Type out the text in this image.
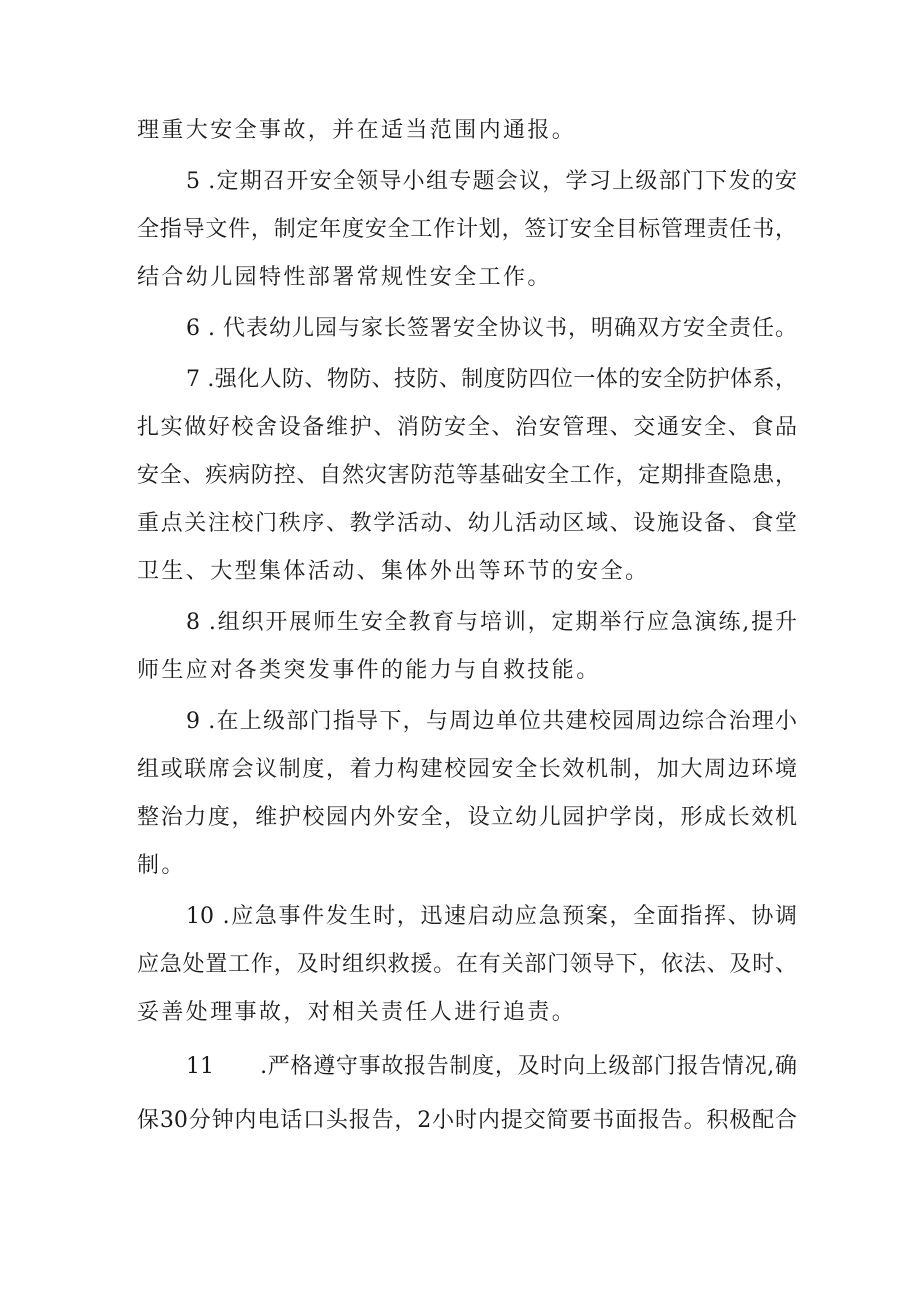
理重大安全事故，并在适当范围内通报。
5 .定期召开安全领导小组专题会议，学习上级部门下发的安
全指导文件，制定年度安全工作计划，签订安全目标管理责任书，
结合幼儿园特性部署常规性安全工作。
6 . 代表幼儿园与家长签署安全协议书，明确双方安全责任。
7 .强化人防、物防、技防、制度防四位一体的安全防护体系，
扎实做好校舍设备维护、消防安全、治安管理、交通安全、食品
安全、疾病防控、自然灾害防范等基础安全工作，定期排查隐患，
重点关注校门秩序、教学活动、幼儿活动区域、设施设备、食堂
卫生、大型集体活动、集体外出等环节的安全。
8 .组织开展师生安全教育与培训，定期举行应急演练,提升
师生应对各类突发事件的能力与自救技能。
9 .在上级部门指导下，与周边单位共建校园周边综合治理小
组或联席会议制度，着力构建校园安全长效机制，加大周边环境
整治力度，维护校园内外安全，设立幼儿园护学岗，形成长效机
制。
10 .应急事件发生时，迅速启动应急预案，全面指挥、协调
应急处置工作，及时组织救援。在有关部门领导下，依法、及时、
妥善处理事故，对相关责任人进行追责。
11　　.严格遵守事故报告制度，及时向上级部门报告情况,确
保30分钟内电话口头报告，2小时内提交简要书面报告。积极配合
